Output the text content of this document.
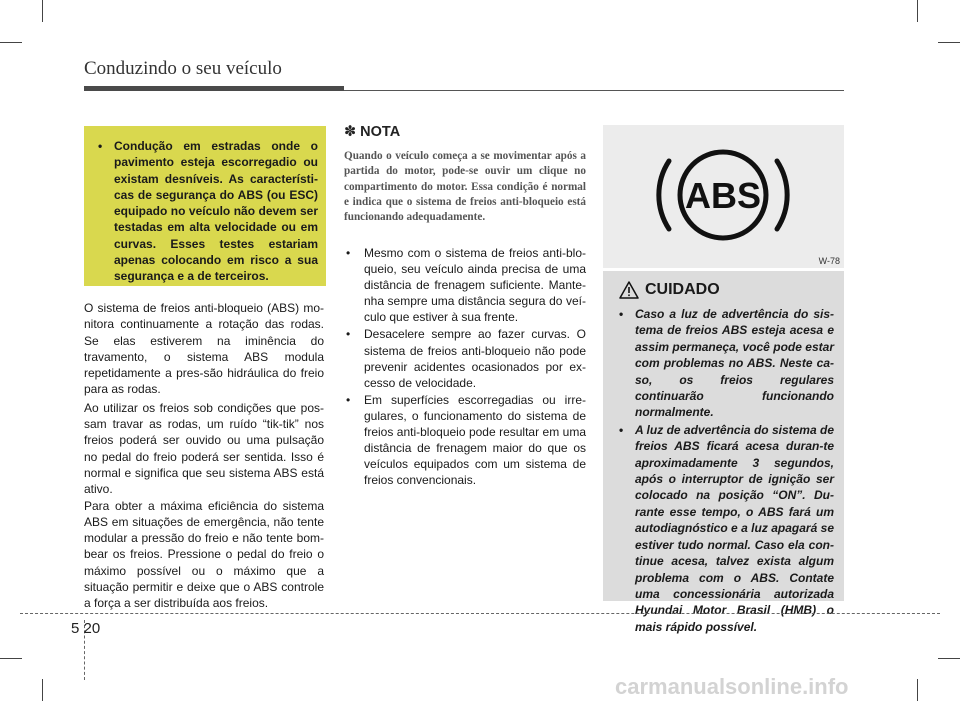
Conduzindo o seu veículo
• Condução em estradas onde o pavimento esteja escorregadio ou existam desníveis. As característi-cas de segurança do ABS (ou ESC) equipado no veículo não devem ser testadas em alta velocidade ou em curvas. Esses testes estariam apenas colocando em risco a sua segurança e a de terceiros.

O sistema de freios anti-bloqueio (ABS) mo-nitora continuamente a rotação das rodas. Se elas estiverem na iminência do travamento, o sistema ABS modula repetidamente a pres-são hidráulica do freio para as rodas.

Ao utilizar os freios sob condições que pos-sam travar as rodas, um ruído “tik-tik” nos freios poderá ser ouvido ou uma pulsação no pedal do freio poderá ser sentida. Isso é normal e significa que seu sistema ABS está ativo.

Para obter a máxima eficiência do sistema ABS em situações de emergência, não tente modular a pressão do freio e não tente bom-bear os freios. Pressione o pedal do freio o máximo possível ou o máximo que a situação permitir e deixe que o ABS controle a força a ser distribuída aos freios.

✽ NOTA

Quando o veículo começa a se movimentar após a partida do motor, pode-se ouvir um clique no compartimento do motor. Essa condição é normal e indica que o sistema de freios anti-bloqueio está funcionando adequadamente.

•	Mesmo com o sistema de freios anti-blo-queio, seu veículo ainda precisa de uma distância de frenagem suficiente. Mante-nha sempre uma distância segura do veí-culo que estiver à sua frente.
•	Desacelere sempre ao fazer curvas. O sistema de freios anti-bloqueio não pode prevenir acidentes ocasionados por ex-cesso de velocidade.
•	Em superfícies escorregadias ou irre-gulares, o funcionamento do sistema de freios anti-bloqueio pode resultar em uma distância de frenagem maior do que os veículos equipados com um sistema de freios convencionais.
ABS
W-78
CUIDADO
• Caso a luz de advertência do sis-tema de freios ABS esteja acesa e assim permaneça, você pode estar com problemas no ABS. Neste ca-so, os freios regulares continuarão funcionando normalmente.
• A luz de advertência do sistema de freios ABS ficará acesa duran-te aproximadamente 3 segundos, após o interruptor de ignição ser colocado na posição “ON”. Du-rante esse tempo, o ABS fará um autodiagnóstico e a luz apagará se estiver tudo normal. Caso ela con-tinue acesa, talvez exista algum problema com o ABS. Contate uma concessionária autorizada Hyundai Motor Brasil (HMB) o mais rápido possível.
5 20
carmanualsonline.info
